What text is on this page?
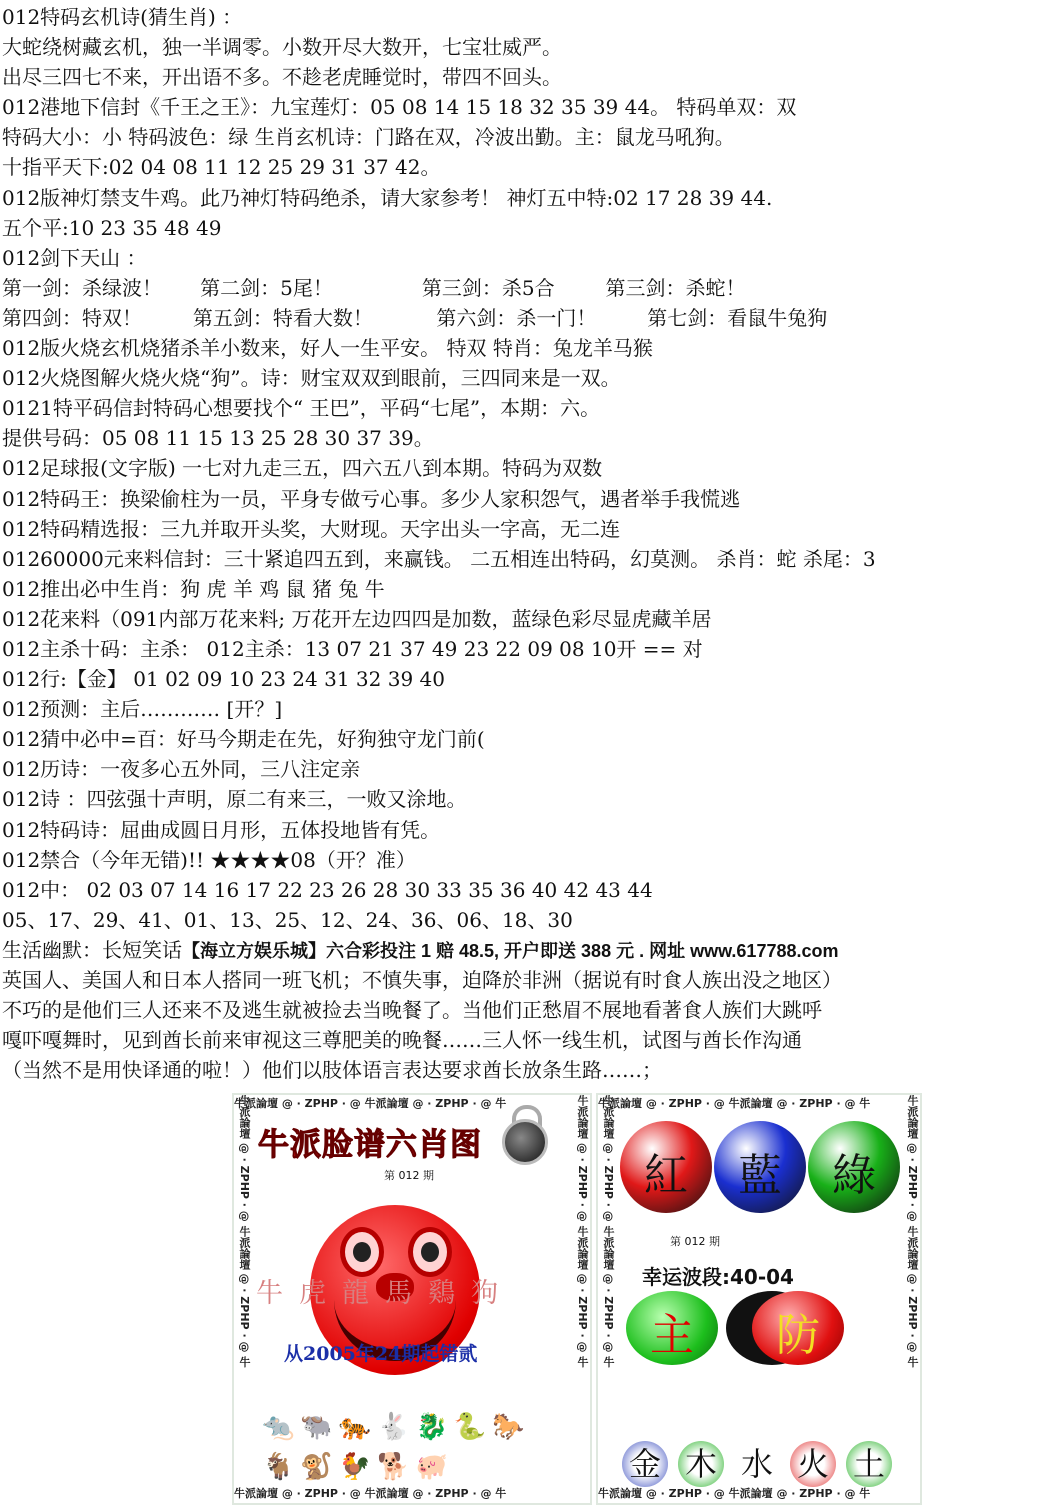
012特码玄机诗(猜生肖) ：
大蛇绕树藏玄机，独一半调零。小数开尽大数开，七宝壮威严。
出尽三四七不来，开出语不多。不趁老虎睡觉时，带四不回头。
012港地下信封《千王之王》：九宝莲灯：05 08 14 15 18 32 35 39 44。 特码单双：双
特码大小：小 特码波色：绿 生肖玄机诗：门路在双，冷波出勤。主：鼠龙马吼狗。
十指平天下:02 04 08 11 12 25 29 31 37 42。
012版神灯禁支牛鸡。此乃神灯特码绝杀，请大家参考！ 神灯五中特:02 17 28 39 44.
五个平:10 23 35 48 49
012剑下天山 ：
第一剑：杀绿波！      第二剑：5尾！              第三剑：杀5合        第三剑：杀蛇！
第四剑：特双！        第五剑：特看大数！          第六剑：杀一门！        第七剑：看鼠牛兔狗
012版火烧玄机烧猪杀羊小数来，好人一生平安。 特双 特肖：兔龙羊马猴
012火烧图解火烧火烧“狗”。诗：财宝双双到眼前，三四同来是一双。
0121特平码信封特码心想要找个“ 王巴”，平码“七尾”，本期：六。
提供号码：05 08 11 15 13 25 28 30 37 39。
012足球报(文字版) 一七对九走三五，四六五八到本期。特码为双数
012特码王：换梁偷柱为一员，平身专做亏心事。多少人家积怨气，遇者举手我慌逃
012特码精选报：三九并取开头奖，大财现。天字出头一字高，无二连
01260000元来料信封：三十紧追四五到，来赢钱。 二五相连出特码，幻莫测。 杀肖：蛇 杀尾：3
012推出必中生肖：狗 虎 羊 鸡 鼠 猪 兔 牛
012花来料（091内部万花来料; 万花开左边四四是加数，蓝绿色彩尽显虎藏羊居
012主杀十码：主杀： 012主杀：13 07 21 37 49 23 22 09 08 10开 == 对
012行:【金】 01 02 09 10 23 24 31 32 39 40
012预测：主后………… [开？]
012猜中必中=百：好马今期走在先，好狗独守龙门前(
012历诗：一夜多心五外同，三八注定亲
012诗 ：四弦强十声明，原二有来三，一败又涂地。
012特码诗：屈曲成圆日月形，五体投地皆有凭。
012禁合（今年无错)!! ★★★★08（开？准）
012中： 02 03 07 14 16 17 22 23 26 28 30 33 35 36 40 42 43 44
05、17、29、41、01、13、25、12、24、36、06、18、30
生活幽默：长短笑话【海立方娱乐城】六合彩投注 1 赔 48.5, 开户即送 388 元 . 网址 www.617788.com
英国人、美国人和日本人搭同一班飞机；不慎失事，迫降於非洲（据说有时食人族出没之地区）
不巧的是他们三人还来不及逃生就被捡去当晚餐了。当他们正愁眉不展地看著食人族们大跳呼
嘎吓嘎舞时，见到酋长前来审视这三尊肥美的晚餐……三人怀一线生机，试图与酋长作沟通
（当然不是用快译通的啦！）他们以肢体语言表达要求酋长放条生路……；
牛派論壇 @ · ZPHP · @ 牛派論壇 @ · ZPHP · @ 牛
牛派論壇 @ · ZPHP · @ 牛派論壇 @ · ZPHP · @ 牛
牛派論壇 @ · ZPHP · @ 牛派論壇 @ · ZPHP · @ 牛	牛派論壇 @ · ZPHP · @ 牛派論壇 @ · ZPHP · @ 牛
牛派脸谱六肖图
第 012 期
牛虎龍馬鷄狗
从2005年24期起错贰
🐀🐃🐅🐇🐉🐍🐎🐐🐒🐓🐕🐖
牛派論壇 @ · ZPHP · @ 牛派論壇 @ · ZPHP · @ 牛
牛派論壇 @ · ZPHP · @ 牛派論壇 @ · ZPHP · @ 牛
牛派論壇 @ · ZPHP · @ 牛派論壇 @ · ZPHP · @ 牛	牛派論壇 @ · ZPHP · @ 牛派論壇 @ · ZPHP · @ 牛
紅	藍	綠
第 012 期
幸运波段:40-04
主	防
金 木 水 火 土
